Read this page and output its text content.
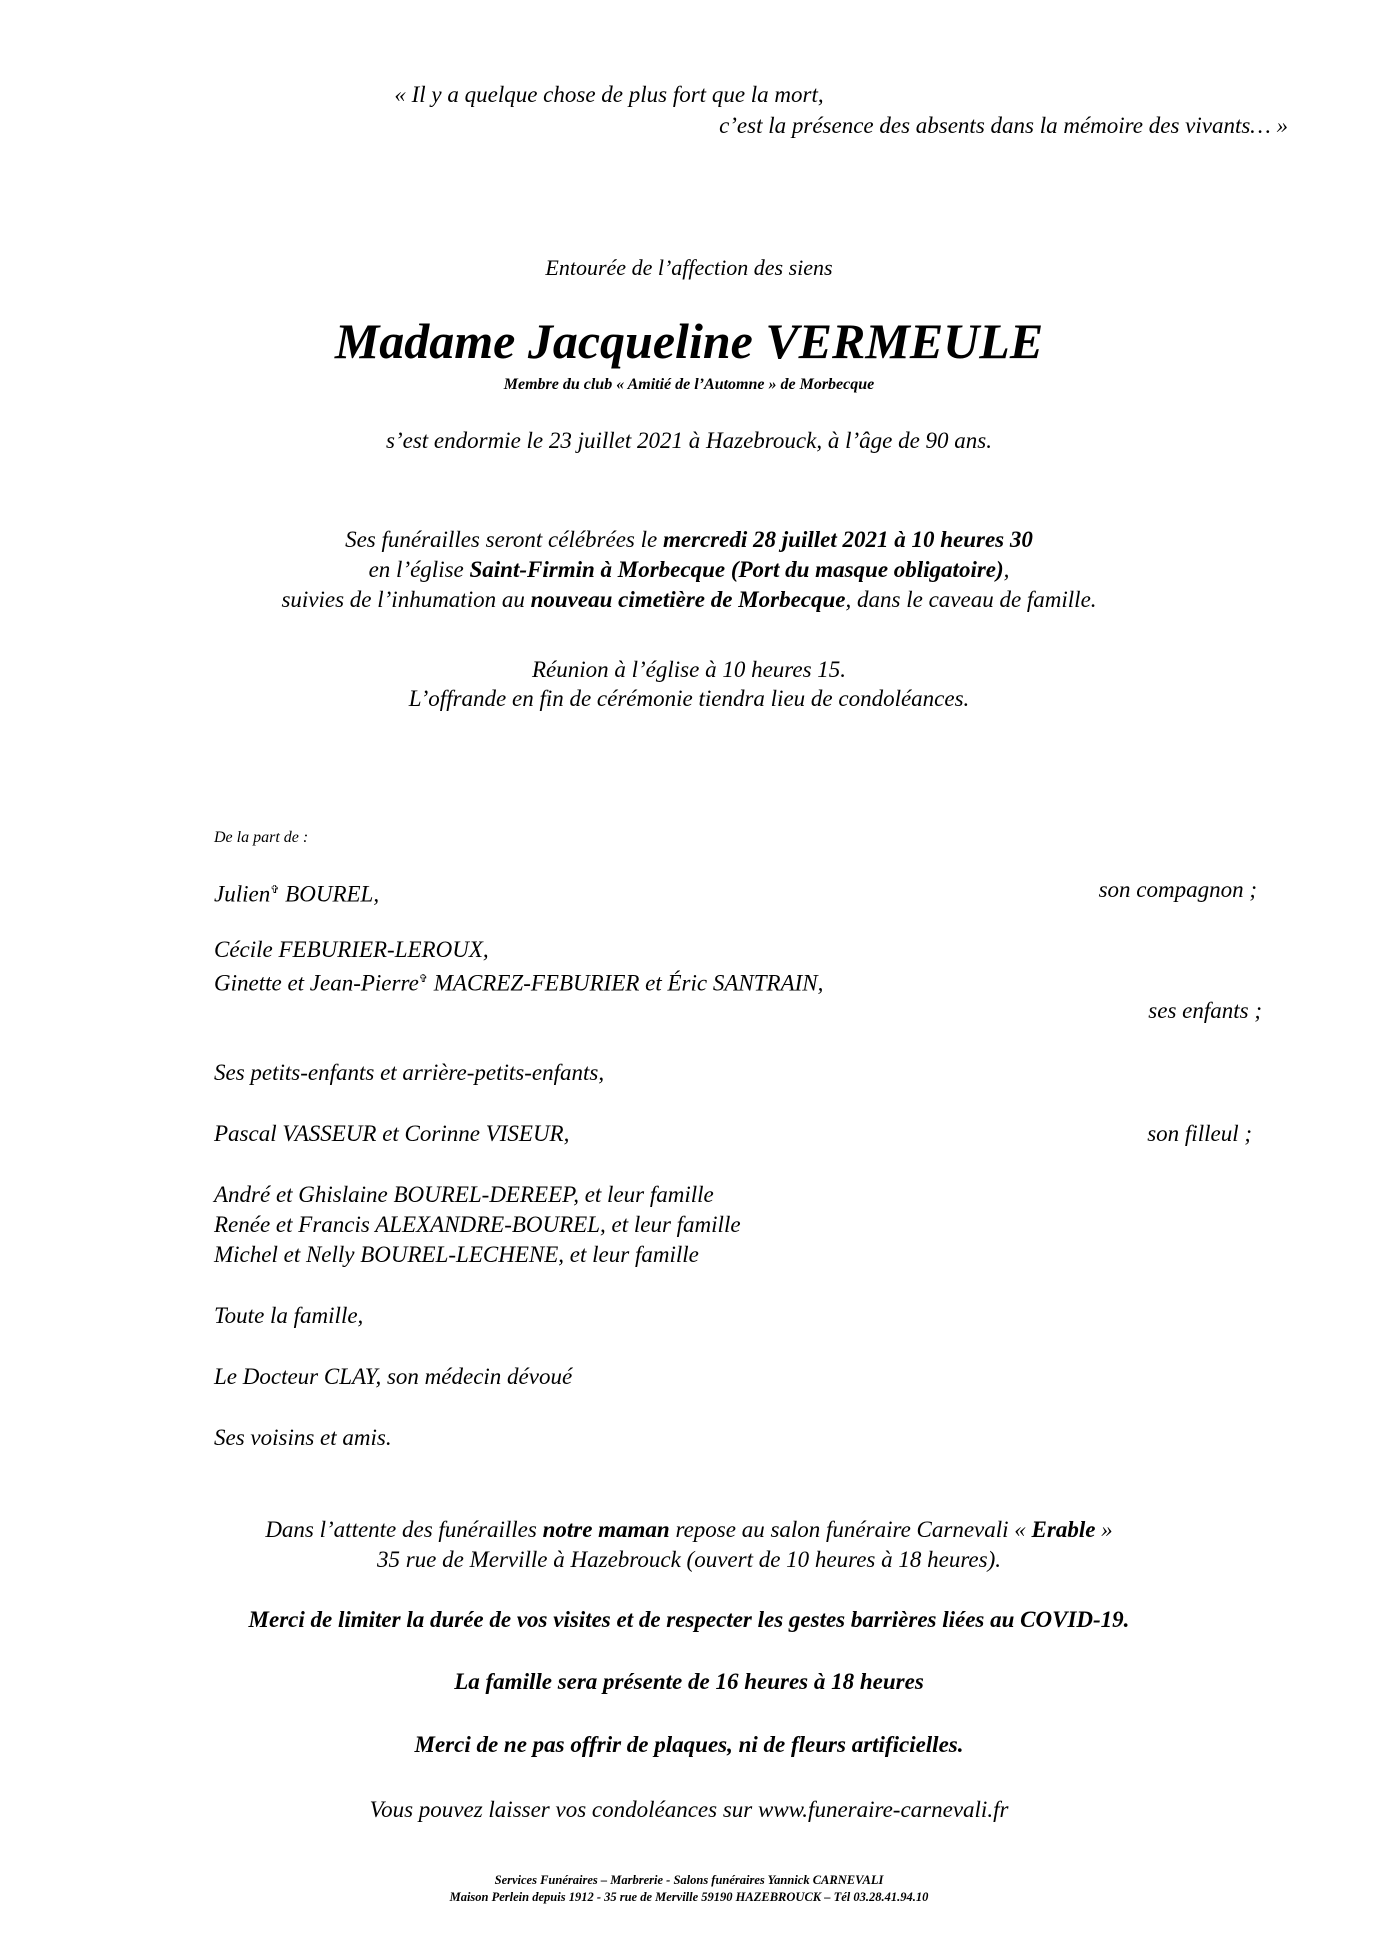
« Il y a quelque chose de plus fort que la mort,
c’est la présence des absents dans la mémoire des vivants… »
Entourée de l’affection des siens
Madame Jacqueline VERMEULE
Membre du club « Amitié de l’Automne » de Morbecque
s’est endormie le 23 juillet 2021 à Hazebrouck, à l’âge de 90 ans.
Ses funérailles seront célébrées le mercredi 28 juillet 2021 à 10 heures 30
en l’église Saint-Firmin à Morbecque (Port du masque obligatoire),
suivies de l’inhumation au nouveau cimetière de Morbecque, dans le caveau de famille.
Réunion à l’église à 10 heures 15.
L’offrande en fin de cérémonie tiendra lieu de condoléances.
De la part de :
Julien✞ BOUREL,	son compagnon ;
Cécile FEBURIER-LEROUX,
Ginette et Jean-Pierre✞ MACREZ-FEBURIER et Éric SANTRAIN,
ses enfants ;
Ses petits-enfants et arrière-petits-enfants,
Pascal VASSEUR et Corinne VISEUR,	son filleul ;
André et Ghislaine BOUREL-DEREEP, et leur famille
Renée et Francis ALEXANDRE-BOUREL, et leur famille
Michel et Nelly BOUREL-LECHENE, et leur famille
Toute la famille,
Le Docteur CLAY, son médecin dévoué
Ses voisins et amis.
Dans l’attente des funérailles notre maman repose au salon funéraire Carnevali « Erable »
35 rue de Merville à Hazebrouck (ouvert de 10 heures à 18 heures).
Merci de limiter la durée de vos visites et de respecter les gestes barrières liées au COVID-19.
La famille sera présente de 16 heures à 18 heures
Merci de ne pas offrir de plaques, ni de fleurs artificielles.
Vous pouvez laisser vos condoléances sur www.funeraire-carnevali.fr
Services Funéraires – Marbrerie - Salons funéraires Yannick CARNEVALI
Maison Perlein depuis 1912 - 35 rue de Merville 59190 HAZEBROUCK – Tél 03.28.41.94.10
